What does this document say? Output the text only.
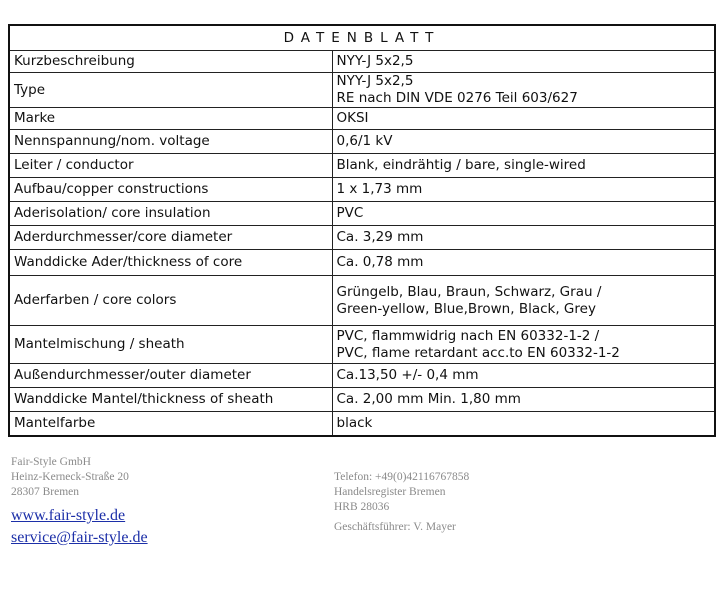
DATENBLATT	
Kurzbeschreibung	NYY-J 5x2,5

Type	NYY-J 5x2,5
RE nach DIN VDE 0276 Teil 603/627

Marke	OKSI

Nennspannung/nom. voltage	0,6/1 kV

Leiter / conductor	Blank, eindrähtig / bare, single-wired

Aufbau/copper constructions	1 x 1,73 mm

Aderisolation/ core insulation	PVC

Aderdurchmesser/core diameter	Ca. 3,29 mm

Wanddicke Ader/thickness of core	Ca. 0,78 mm

Aderfarben / core colors	Grüngelb, Blau, Braun, Schwarz, Grau /
Green-yellow, Blue,Brown, Black, Grey

Mantelmischung / sheath	PVC, flammwidrig nach EN 60332-1-2 /
PVC, flame retardant acc.to EN 60332-1-2

Außendurchmesser/outer diameter	Ca.13,50 +/- 0,4 mm

Wanddicke Mantel/thickness of sheath	Ca. 2,00 mm Min. 1,80 mm

Mantelfarbe	black
Fair-Style GmbH
Heinz-Kerneck-Straße 20
28307 Bremen
www.fair-style.de
service@fair-style.de
Telefon: +49(0)42116767858
Handelsregister Bremen
HRB 28036
Geschäftsführer: V. Mayer
